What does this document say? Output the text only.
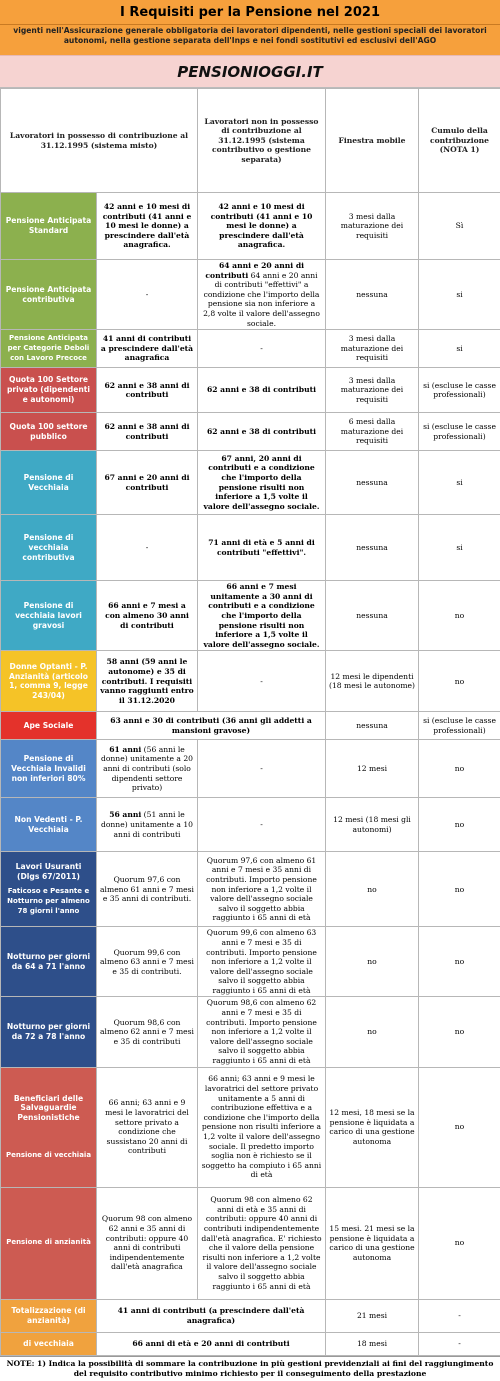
I Requisiti per la Pensione nel 2021
vigenti nell'Assicurazione generale obbligatoria dei lavoratori dipendenti, nelle gestioni speciali dei lavoratori autonomi, nella gestione separata dell'Inps e nei fondi sostitutivi ed esclusivi dell'AGO
PENSIONIOGGI.IT
Lavoratori in possesso di contribuzione al 31.12.1995 (sistema misto)		Lavoratori non in possesso di contribuzione al 31.12.1995 (sistema contributivo o gestione separata)	Finestra mobile	Cumulo della contribuzione (NOTA 1)
Pensione Anticipata Standard	42 anni e 10 mesi di contributi (41 anni e 10 mesi le donne) a prescindere dall'età anagrafica.	42 anni e 10 mesi di contributi (41 anni e 10 mesi le donne) a prescindere dall'età anagrafica.	3 mesi dalla maturazione dei requisiti	Sì
Pensione Anticipata contributiva	-	64 anni e 20 anni di contributi 64 anni e 20 anni di contributi "effettivi" a condizione che l'importo della pensione sia non inferiore a 2,8 volte il valore dell'assegno sociale.	nessuna	si
Pensione Anticipata per Categorie Deboli con Lavoro Precoce	41 anni di contributi a prescindere dall'età anagrafica	-	3 mesi dalla maturazione dei requisiti	si
Quota 100 Settore privato (dipendenti e autonomi)	62 anni e 38 anni di contributi	62 anni e 38 di contributi	3 mesi dalla maturazione dei requisiti	si (escluse le casse professionali)
Quota 100 settore pubblico	62 anni e 38 anni di contributi	62 anni e 38 di contributi	6 mesi dalla maturazione dei requisiti	si (escluse le casse professionali)
Pensione di Vecchiaia	67 anni e 20 anni di contributi	67 anni, 20 anni di contributi e a condizione che l'importo della pensione risulti non inferiore a 1,5 volte il valore dell'assegno sociale.	nessuna	si
Pensione di vecchiaia contributiva	-	71 anni di età e 5 anni di contributi "effettivi".	nessuna	si
Pensione di vecchiaia lavori gravosi	66 anni e 7 mesi a con almeno 30 anni di contributi	66 anni e 7 mesi unitamente a 30 anni di contributi e a condizione che l'importo della pensione risulti non inferiore a 1,5 volte il valore dell'assegno sociale.	nessuna	no
Donne Optanti - P. Anzianità (articolo 1, comma 9, legge 243/04)	58 anni (59 anni le autonome) e 35 di contributi. I requisiti vanno raggiunti entro il 31.12.2020	-	12 mesi le dipendenti (18 mesi le autonome)	no
Ape Sociale	63 anni e 30 di contributi (36 anni gli addetti a mansioni gravose)		nessuna	si (escluse le casse professionali)
Pensione di Vecchiaia Invalidi non inferiori 80%	61 anni (56 anni le donne) unitamente a 20 anni di contributi (solo dipendenti settore privato)	-	12 mesi	no
Non Vedenti - P. Vecchiaia	56 anni (51 anni le donne) unitamente a 10 anni di contributi	-	12 mesi (18 mesi gli autonomi)	no

Lavori Usuranti (Dlgs 67/2011)
Faticoso e Pesante e Notturno per almeno 78 giorni l'anno	Quorum 97,6 con almeno 61 anni e 7 mesi e 35 anni di contributi.	Quorum 97,6 con almeno 61 anni e 7 mesi e 35 anni di contributi. Importo pensione non inferiore a 1,2 volte il valore dell'assegno sociale salvo il soggetto abbia raggiunto i 65 anni di età	no	no
Notturno per giorni da 64 a 71 l'anno	Quorum 99,6 con almeno 63 anni e 7 mesi e 35 di contributi.	Quorum 99,6 con almeno 63 anni e 7 mesi e 35 di contributi. Importo pensione non inferiore a 1,2 volte il valore dell'assegno sociale salvo il soggetto abbia raggiunto i 65 anni di età	no	no
Notturno per giorni da 72 a 78 l'anno	Quorum 98,6 con almeno 62 anni e 7 mesi e 35 di contributi	Quorum 98,6 con almeno 62 anni e 7 mesi e 35 di contributi. Importo pensione non inferiore a 1,2 volte il valore dell'assegno sociale salvo il soggetto abbia raggiunto i 65 anni di età	no	no

Beneficiari delle Salvaguardie Pensionistiche
Pensione di vecchiaia	66 anni; 63 anni e 9 mesi le lavoratrici del settore privato a condizione che sussistano 20 anni di contributi	66 anni; 63 anni e 9 mesi le lavoratrici del settore privato unitamente a 5 anni di contribuzione effettiva e a condizione che l'importo della pensione non risulti inferiore a 1,2 volte il valore dell'assegno sociale. Il predetto importo soglia non è richiesto se il soggetto ha compiuto i 65 anni di età	12 mesi, 18 mesi se la pensione è liquidata a carico di una gestione autonoma	no
Pensione di anzianità	Quorum 98 con almeno 62 anni e 35 anni di contributi: oppure 40 anni di contributi indipendentemente dall'età anagrafica	Quorum 98 con almeno 62 anni di età e 35 anni di contributi: oppure 40 anni di contributi indipendentemente dall'età anagrafica. E' richiesto che il valore della pensione risulti non inferiore a 1,2 volte il valore dell'assegno sociale salvo il soggetto abbia raggiunto i 65 anni di età	15 mesi. 21 mesi se la pensione è liquidata a carico di una gestione autonoma	no
Totalizzazione (di anzianità)	41 anni di contributi (a prescindere dall'età anagrafica)		21 mesi	-
di vecchiaia	66 anni di età e 20 anni di contributi		18 mesi	-
NOTE: 1) Indica la possibilità di sommare la contribuzione in più gestioni previdenziali ai fini del raggiungimento del requisito contributivo minimo richiesto per il conseguimento della prestazione
